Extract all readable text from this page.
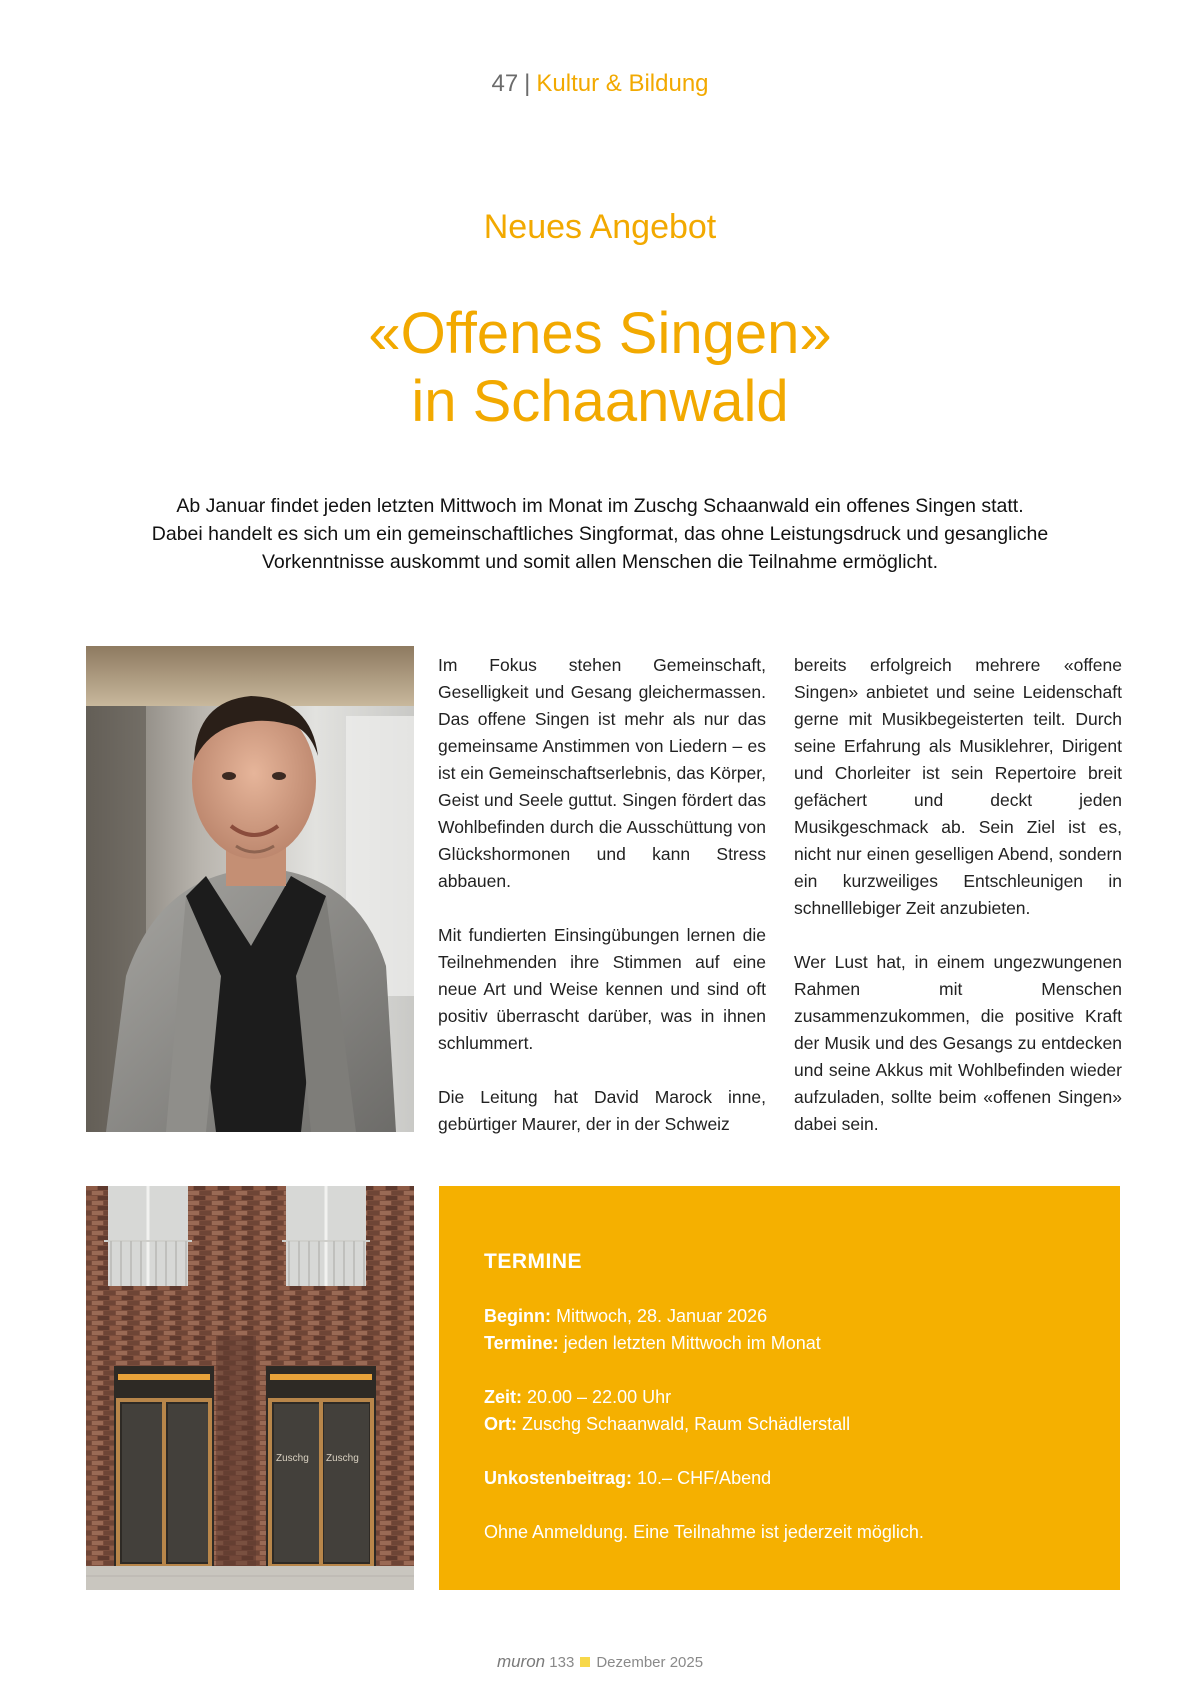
47 | Kultur & Bildung
Neues Angebot
«Offenes Singen»
in Schaanwald
Ab Januar findet jeden letzten Mittwoch im Monat im Zuschg Schaanwald ein offenes Singen statt.
Dabei handelt es sich um ein gemeinschaftliches Singformat, das ohne Leistungsdruck und gesangliche
Vorkenntnisse auskommt und somit allen Menschen die Teilnahme ermöglicht.

Im Fokus stehen Gemeinschaft, Geselligkeit und Gesang gleichermassen. Das offene Singen ist mehr als nur das gemeinsame Anstimmen von Liedern – es ist ein Gemeinschaftserlebnis, das Körper, Geist und Seele guttut. Singen fördert das Wohlbefinden durch die Ausschüttung von Glückshormonen und kann Stress abbauen.

Mit fundierten Einsingübungen lernen die Teilnehmenden ihre Stimmen auf eine neue Art und Weise kennen und sind oft positiv überrascht darüber, was in ihnen schlummert.

Die Leitung hat David Marock inne, gebürtiger Maurer, der in der Schweiz

bereits erfolgreich mehrere «offene Singen» anbietet und seine Leidenschaft gerne mit Musikbegeisterten teilt. Durch seine Erfahrung als Musiklehrer, Dirigent und Chorleiter ist sein Repertoire breit gefächert und deckt jeden Musikgeschmack ab. Sein Ziel ist es, nicht nur einen geselligen Abend, sondern ein kurzweiliges Entschleunigen in schnelllebiger Zeit anzubieten.

Wer Lust hat, in einem ungezwungenen Rahmen mit Menschen zusammenzukommen, die positive Kraft der Musik und des Gesangs zu entdecken und seine Akkus mit Wohlbefinden wieder aufzuladen, sollte beim «offenen Singen» dabei sein.

Zuschg Zuschg
TERMINE

Beginn: Mittwoch, 28. Januar 2026
Termine: jeden letzten Mittwoch im Monat

Zeit: 20.00 – 22.00 Uhr
Ort: Zuschg Schaanwald, Raum Schädlerstall

Unkostenbeitrag: 10.– CHF/Abend

Ohne Anmeldung. Eine Teilnahme ist jederzeit möglich.

muron 133 Dezember 2025
